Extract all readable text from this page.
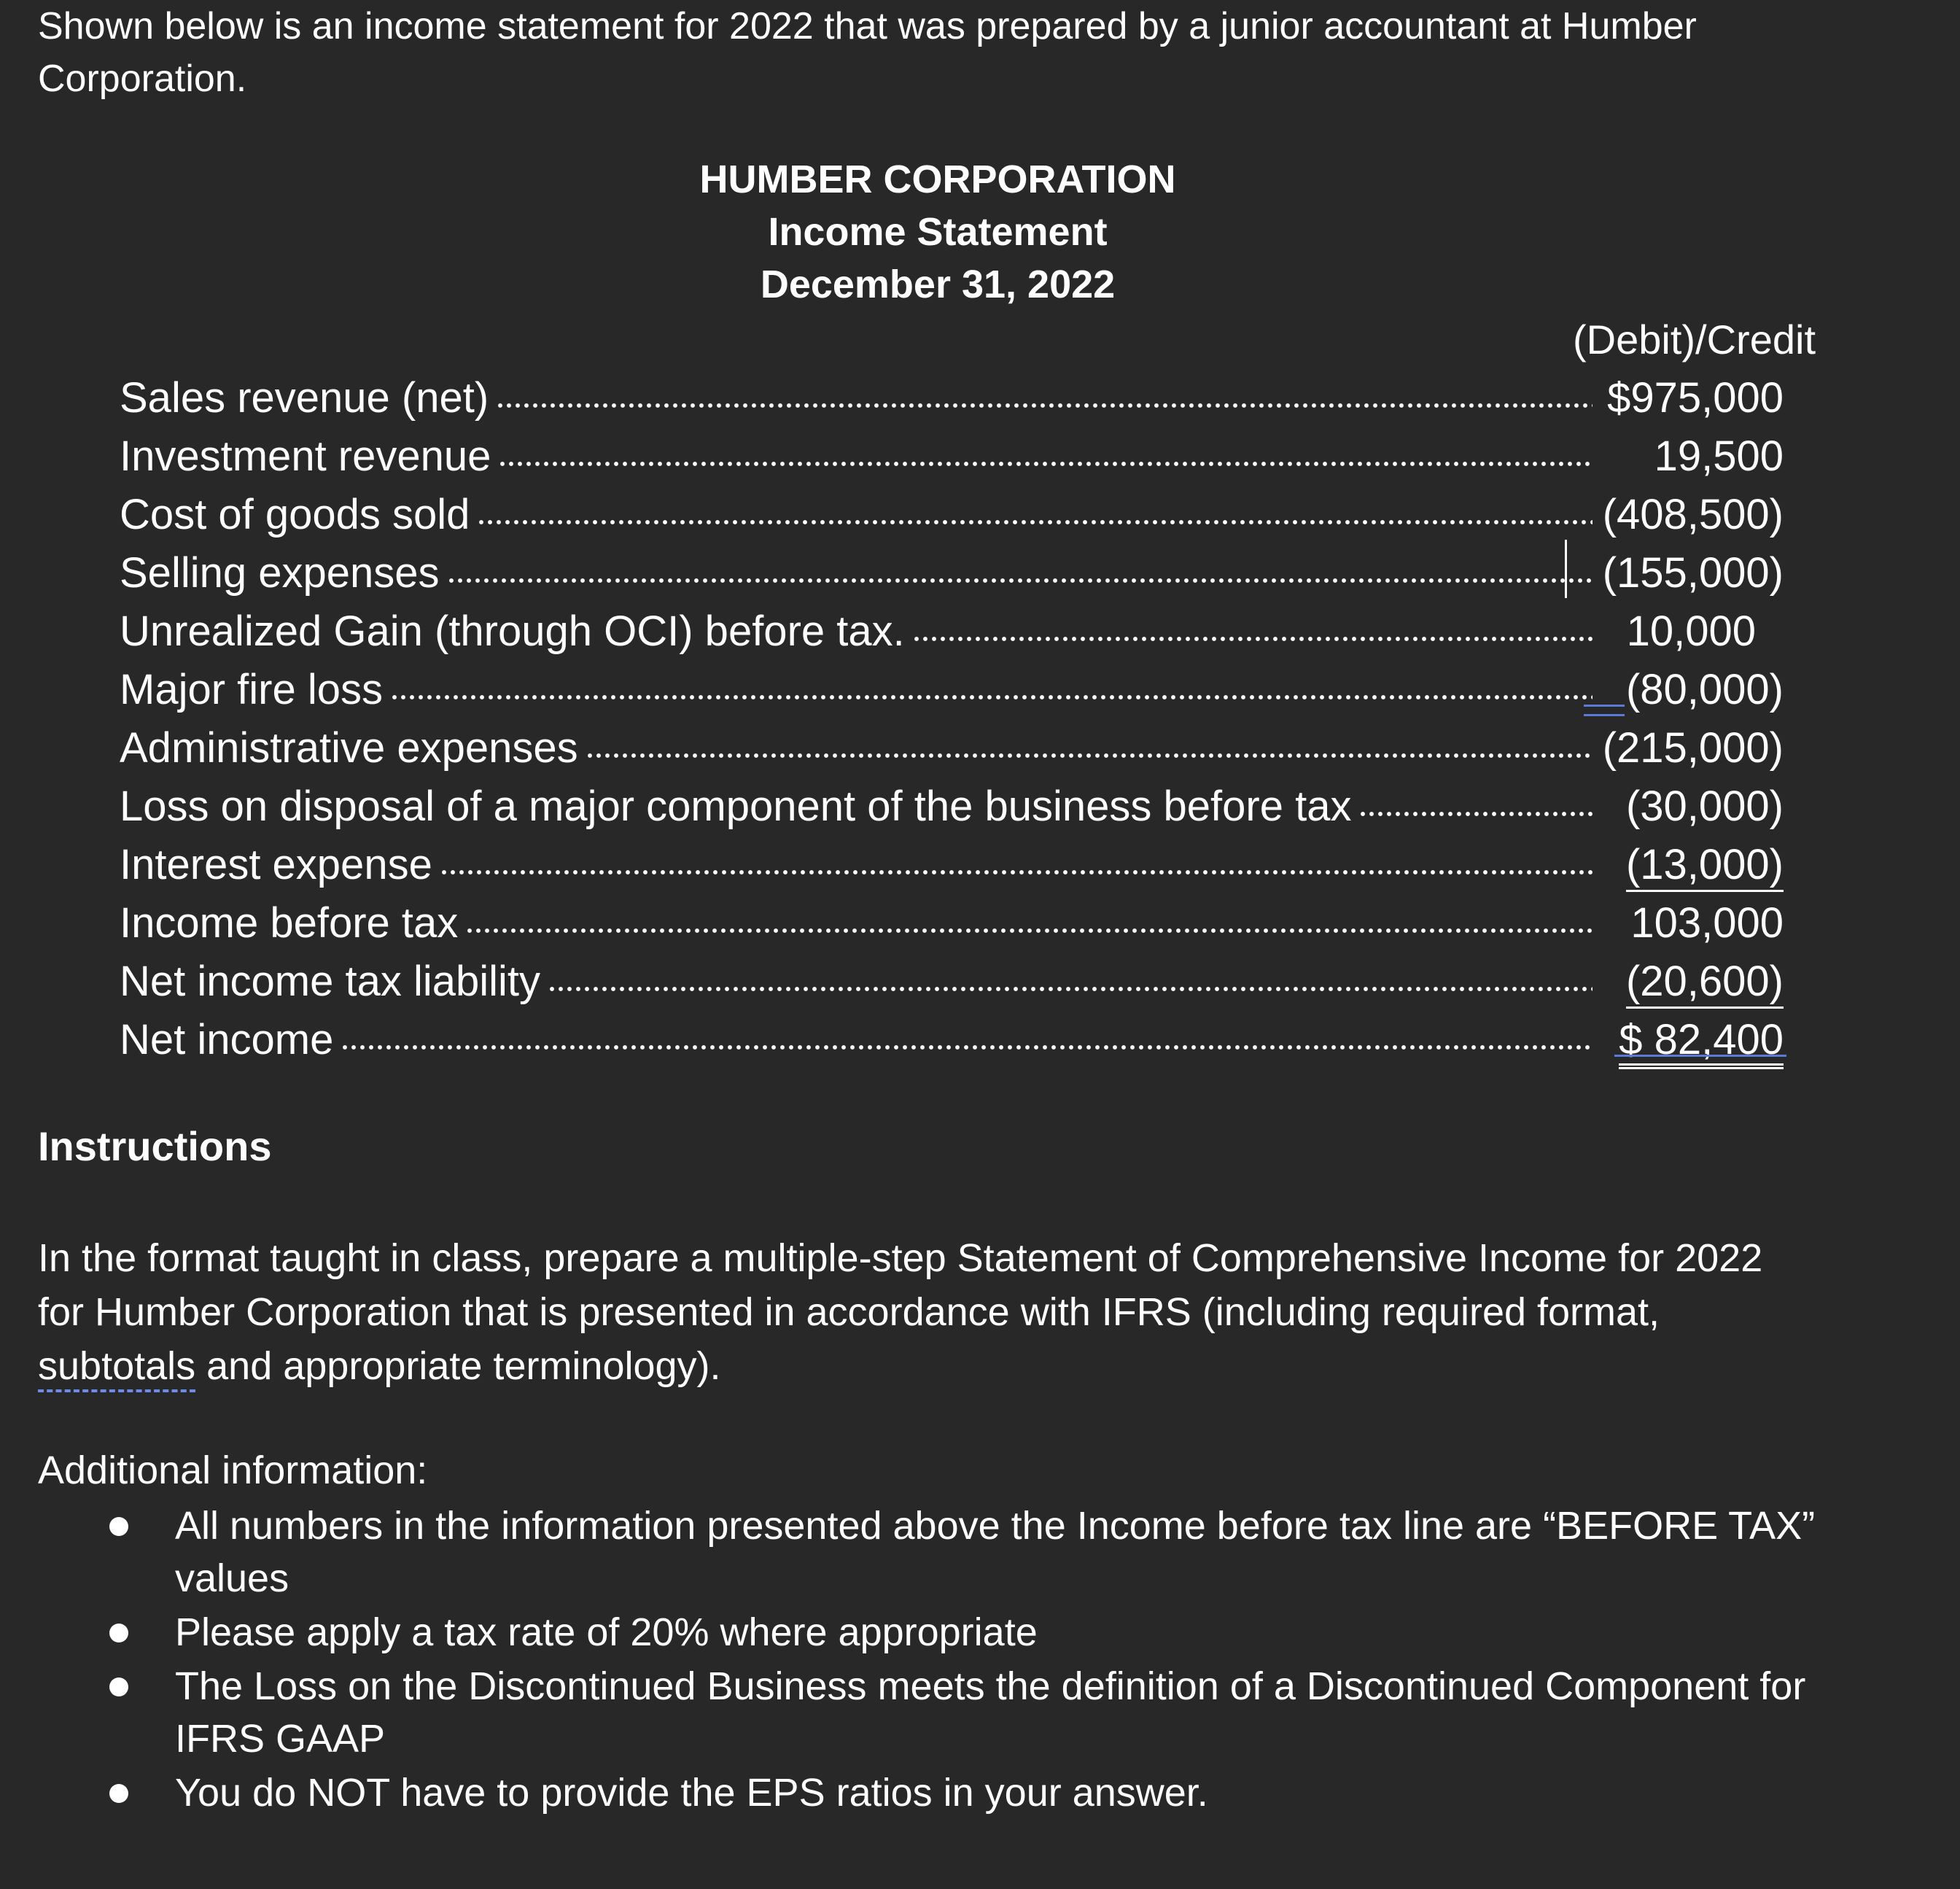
Shown below is an income statement for 2022 that was prepared by a junior accountant at Humber Corporation.

HUMBER CORPORATION
Income Statement
December 31, 2022
(Debit)/Credit
Sales revenue (net)	$975,000
Investment revenue	19,500
Cost of goods sold	(408,500)
Selling expenses	(155,000)
Unrealized Gain (through OCI) before tax.	10,000
Major fire loss	(80,000)
Administrative expenses	(215,000)
Loss on disposal of a major component of the business before tax	(30,000)
Interest expense	(13,000)
Income before tax	103,000
Net income tax liability	(20,600)
Net income	$ 82,400
Instructions

In the format taught in class, prepare a multiple-step Statement of Comprehensive Income for 2022 for Humber Corporation that is presented in accordance with IFRS (including required format, subtotals and appropriate terminology).

Additional information:
All numbers in the information presented above the Income before tax line are “BEFORE TAX” values
Please apply a tax rate of 20% where appropriate
The Loss on the Discontinued Business meets the definition of a Discontinued Component for IFRS GAAP
You do NOT have to provide the EPS ratios in your answer.
